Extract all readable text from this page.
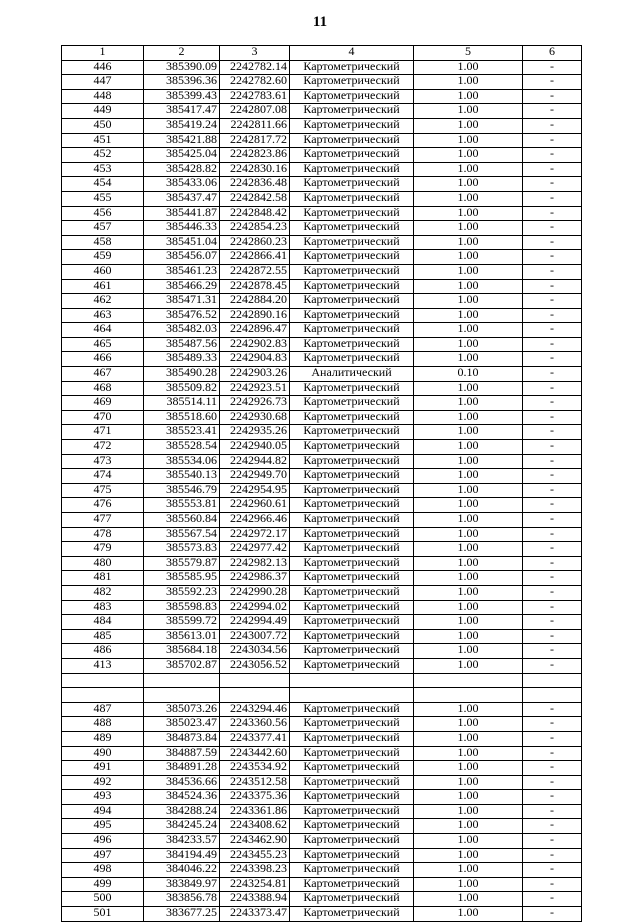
11
1	2	3	4	5	6
446	385390.09	2242782.14	Картометрический	1.00	-
447	385396.36	2242782.60	Картометрический	1.00	-
448	385399.43	2242783.61	Картометрический	1.00	-
449	385417.47	2242807.08	Картометрический	1.00	-
450	385419.24	2242811.66	Картометрический	1.00	-
451	385421.88	2242817.72	Картометрический	1.00	-
452	385425.04	2242823.86	Картометрический	1.00	-
453	385428.82	2242830.16	Картометрический	1.00	-
454	385433.06	2242836.48	Картометрический	1.00	-
455	385437.47	2242842.58	Картометрический	1.00	-
456	385441.87	2242848.42	Картометрический	1.00	-
457	385446.33	2242854.23	Картометрический	1.00	-
458	385451.04	2242860.23	Картометрический	1.00	-
459	385456.07	2242866.41	Картометрический	1.00	-
460	385461.23	2242872.55	Картометрический	1.00	-
461	385466.29	2242878.45	Картометрический	1.00	-
462	385471.31	2242884.20	Картометрический	1.00	-
463	385476.52	2242890.16	Картометрический	1.00	-
464	385482.03	2242896.47	Картометрический	1.00	-
465	385487.56	2242902.83	Картометрический	1.00	-
466	385489.33	2242904.83	Картометрический	1.00	-
467	385490.28	2242903.26	Аналитический	0.10	-
468	385509.82	2242923.51	Картометрический	1.00	-
469	385514.11	2242926.73	Картометрический	1.00	-
470	385518.60	2242930.68	Картометрический	1.00	-
471	385523.41	2242935.26	Картометрический	1.00	-
472	385528.54	2242940.05	Картометрический	1.00	-
473	385534.06	2242944.82	Картометрический	1.00	-
474	385540.13	2242949.70	Картометрический	1.00	-
475	385546.79	2242954.95	Картометрический	1.00	-
476	385553.81	2242960.61	Картометрический	1.00	-
477	385560.84	2242966.46	Картометрический	1.00	-
478	385567.54	2242972.17	Картометрический	1.00	-
479	385573.83	2242977.42	Картометрический	1.00	-
480	385579.87	2242982.13	Картометрический	1.00	-
481	385585.95	2242986.37	Картометрический	1.00	-
482	385592.23	2242990.28	Картометрический	1.00	-
483	385598.83	2242994.02	Картометрический	1.00	-
484	385599.72	2242994.49	Картометрический	1.00	-
485	385613.01	2243007.72	Картометрический	1.00	-
486	385684.18	2243034.56	Картометрический	1.00	-
413	385702.87	2243056.52	Картометрический	1.00	-

487	385073.26	2243294.46	Картометрический	1.00	-
488	385023.47	2243360.56	Картометрический	1.00	-
489	384873.84	2243377.41	Картометрический	1.00	-
490	384887.59	2243442.60	Картометрический	1.00	-
491	384891.28	2243534.92	Картометрический	1.00	-
492	384536.66	2243512.58	Картометрический	1.00	-
493	384524.36	2243375.36	Картометрический	1.00	-
494	384288.24	2243361.86	Картометрический	1.00	-
495	384245.24	2243408.62	Картометрический	1.00	-
496	384233.57	2243462.90	Картометрический	1.00	-
497	384194.49	2243455.23	Картометрический	1.00	-
498	384046.22	2243398.23	Картометрический	1.00	-
499	383849.97	2243254.81	Картометрический	1.00	-
500	383856.78	2243388.94	Картометрический	1.00	-
501	383677.25	2243373.47	Картометрический	1.00	-
